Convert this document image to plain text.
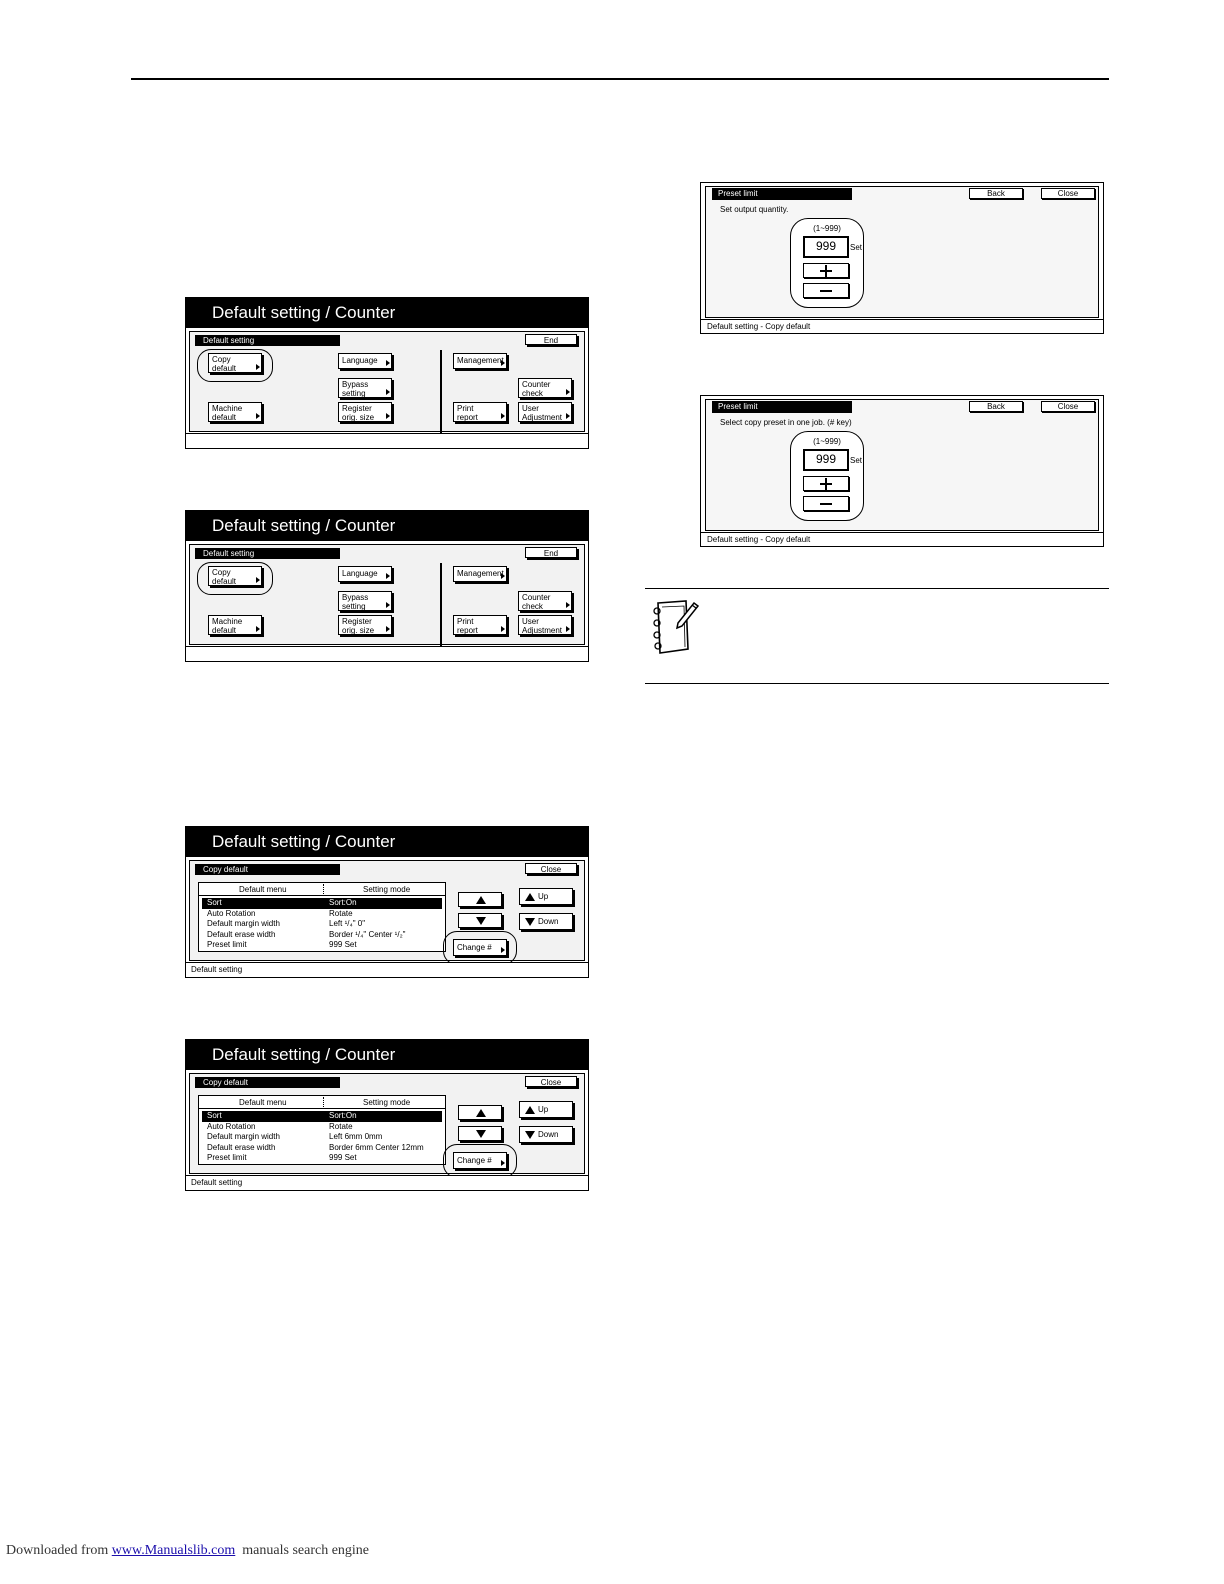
Default setting / Counter
Default setting	End
Copy
default
Machine
default
Language
Bypass
setting
Register
orig. size
Management
Counter
check
Print
report
User
Adjustment
Default setting / Counter
Default setting	End
Copy
default
Machine
default
Language
Bypass
setting
Register
orig. size
Management
Counter
check
Print
report
User
Adjustment
Default setting / Counter
Copy default	Close
Default menu	Setting mode
Sort	Sort:On
Auto Rotation	Rotate
Default margin width	Left ¹/₄" 0"
Default erase width	Border ¹/₄" Center ¹/₂"
Preset limit	999 Set
Up
Down
Change #
Default setting
Default setting / Counter
Copy default	Close
Default menu	Setting mode
Sort	Sort:On
Auto Rotation	Rotate
Default margin width	Left 6mm 0mm
Default erase width	Border 6mm Center 12mm
Preset limit	999 Set
Up
Down
Change #
Default setting
Preset limit	Back	Close
Set output quantity.
(1~999)
999	Set
Default setting - Copy default
Preset limit	Back	Close
Select copy preset in one job. (# key)
(1~999)
999	Set
Default setting - Copy default
Downloaded from www.Manualslib.com  manuals search engine
